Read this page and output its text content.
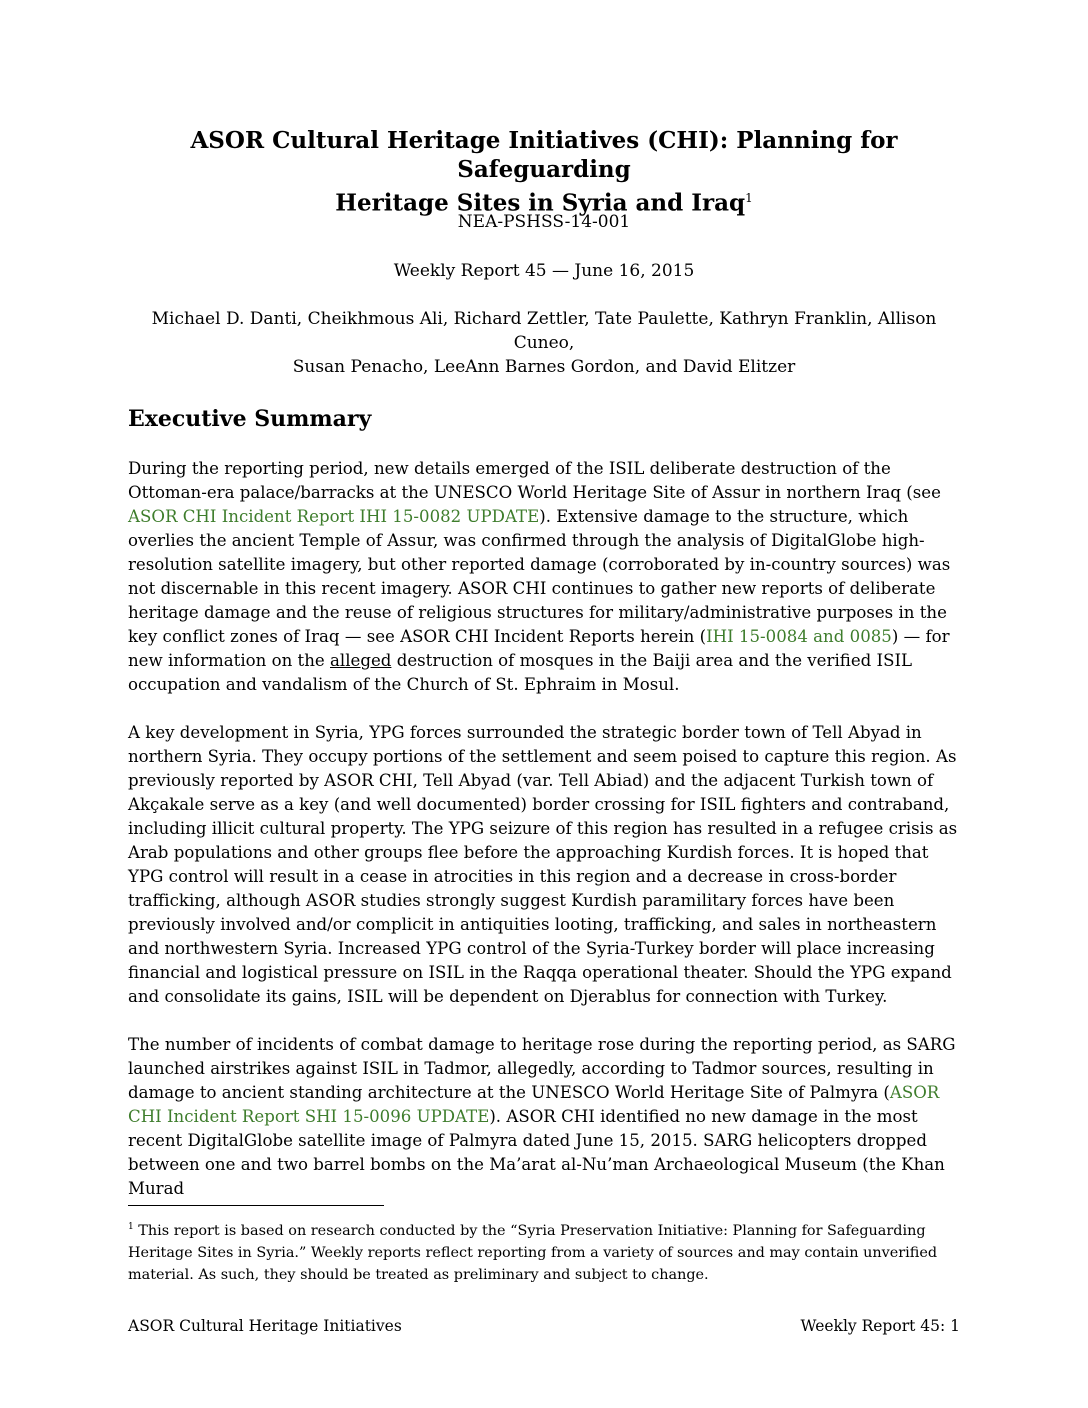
ASOR Cultural Heritage Initiatives (CHI): Planning for Safeguarding
Heritage Sites in Syria and Iraq$^1$
NEA-PSHSS-14-001
Weekly Report 45 — June 16, 2015
Michael D. Danti, Cheikhmous Ali, Richard Zettler, Tate Paulette, Kathryn Franklin, Allison Cuneo,
Susan Penacho, LeeAnn Barnes Gordon, and David Elitzer
Executive Summary

During the reporting period, new details emerged of the ISIL deliberate destruction of the Ottoman-era palace/barracks at the UNESCO World Heritage Site of Assur in northern Iraq (see ASOR CHI Incident Report IHI 15-0082 UPDATE). Extensive damage to the structure, which overlies the ancient Temple of Assur, was confirmed through the analysis of DigitalGlobe high-resolution satellite imagery, but other reported damage (corroborated by in-country sources) was not discernable in this recent imagery. ASOR CHI continues to gather new reports of deliberate heritage damage and the reuse of religious structures for military/administrative purposes in the key conflict zones of Iraq — see ASOR CHI Incident Reports herein (IHI 15-0084 and 0085) — for new information on the alleged destruction of mosques in the Baiji area and the verified ISIL occupation and vandalism of the Church of St. Ephraim in Mosul.

A key development in Syria, YPG forces surrounded the strategic border town of Tell Abyad in northern Syria. They occupy portions of the settlement and seem poised to capture this region. As previously reported by ASOR CHI, Tell Abyad (var. Tell Abiad) and the adjacent Turkish town of Akçakale serve as a key (and well documented) border crossing for ISIL fighters and contraband, including illicit cultural property. The YPG seizure of this region has resulted in a refugee crisis as Arab populations and other groups flee before the approaching Kurdish forces. It is hoped that YPG control will result in a cease in atrocities in this region and a decrease in cross-border trafficking, although ASOR studies strongly suggest Kurdish paramilitary forces have been previously involved and/or complicit in antiquities looting, trafficking, and sales in northeastern and northwestern Syria. Increased YPG control of the Syria-Turkey border will place increasing financial and logistical pressure on ISIL in the Raqqa operational theater. Should the YPG expand and consolidate its gains, ISIL will be dependent on Djerablus for connection with Turkey.

The number of incidents of combat damage to heritage rose during the reporting period, as SARG launched airstrikes against ISIL in Tadmor, allegedly, according to Tadmor sources, resulting in damage to ancient standing architecture at the UNESCO World Heritage Site of Palmyra (ASOR CHI Incident Report SHI 15-0096 UPDATE). ASOR CHI identified no new damage in the most recent DigitalGlobe satellite image of Palmyra dated June 15, 2015. SARG helicopters dropped between one and two barrel bombs on the Ma’arat al-Nu’man Archaeological Museum (the Khan Murad

$^1$ This report is based on research conducted by the “Syria Preservation Initiative: Planning for Safeguarding Heritage Sites in Syria.” Weekly reports reflect reporting from a variety of sources and may contain unverified material. As such, they should be treated as preliminary and subject to change.
ASOR Cultural Heritage Initiatives	Weekly Report 45: 1
